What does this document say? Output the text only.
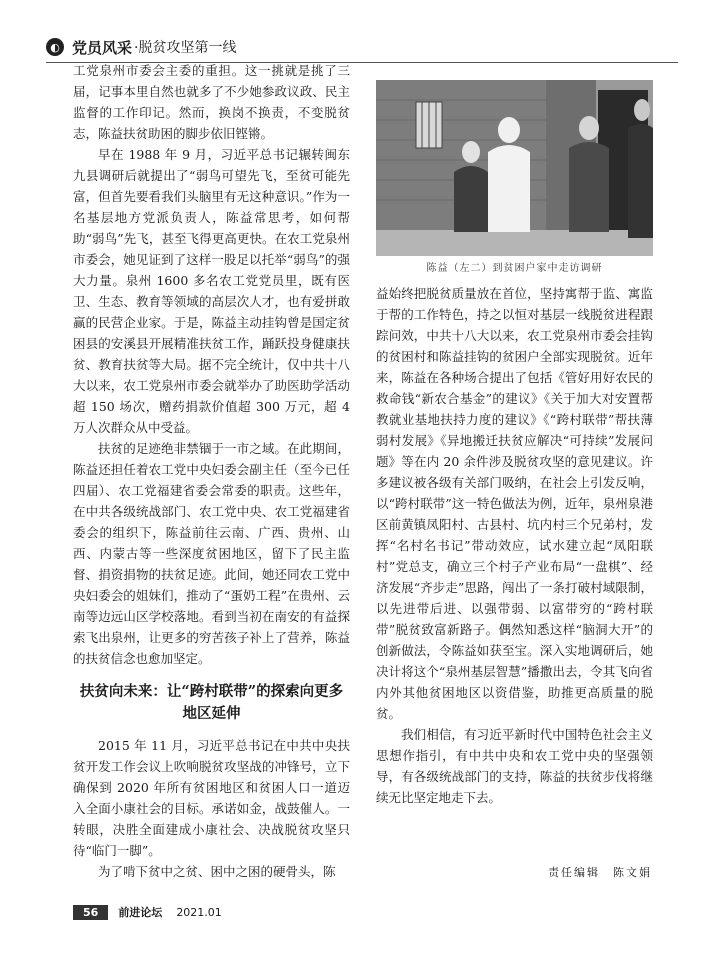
◐ 党员风采 ·脱贫攻坚第一线

工党泉州市委会主委的重担。这一挑就是挑了三届，记事本里自然也就多了不少她参政议政、民主监督的工作印记。然而，换岗不换责，不变脱贫志，陈益扶贫助困的脚步依旧铿锵。

早在 1988 年 9 月，习近平总书记辗转闽东九县调研后就提出了“弱鸟可望先飞，至贫可能先富，但首先要看我们头脑里有无这种意识。”作为一名基层地方党派负责人，陈益常思考，如何帮助“弱鸟”先飞，甚至飞得更高更快。在农工党泉州市委会，她见证到了这样一股足以托举“弱鸟”的强大力量。泉州 1600 多名农工党党员里，既有医卫、生态、教育等领域的高层次人才，也有爱拼敢赢的民营企业家。于是，陈益主动挂钩曾是国定贫困县的安溪县开展精准扶贫工作，踊跃投身健康扶贫、教育扶贫等大局。据不完全统计，仅中共十八大以来，农工党泉州市委会就举办了助医助学活动超 150 场次，赠药捐款价值超 300 万元，超 4 万人次群众从中受益。

扶贫的足迹绝非禁锢于一市之域。在此期间，陈益还担任着农工党中央妇委会副主任（至今已任四届）、农工党福建省委会常委的职责。这些年，在中共各级统战部门、农工党中央、农工党福建省委会的组织下，陈益前往云南、广西、贵州、山西、内蒙古等一些深度贫困地区，留下了民主监督、捐资捐物的扶贫足迹。此间，她还同农工党中央妇委会的姐妹们，推动了“蛋奶工程”在贵州、云南等边远山区学校落地。看到当初在南安的有益探索飞出泉州，让更多的穷苦孩子补上了营养，陈益的扶贫信念也愈加坚定。

扶贫向未来：让“跨村联带”的探索向更多地区延伸

2015 年 11 月，习近平总书记在中共中央扶贫开发工作会议上吹响脱贫攻坚战的冲锋号，立下确保到 2020 年所有贫困地区和贫困人口一道迈入全面小康社会的目标。承诺如金，战鼓催人。一转眼，决胜全面建成小康社会、决战脱贫攻坚只待“临门一脚”。

为了啃下贫中之贫、困中之困的硬骨头，陈

陈益（左二）到贫困户家中走访调研

益始终把脱贫质量放在首位，坚持寓帮于监、寓监于帮的工作特色，持之以恒对基层一线脱贫进程跟踪问效，中共十八大以来，农工党泉州市委会挂钩的贫困村和陈益挂钩的贫困户全部实现脱贫。近年来，陈益在各种场合提出了包括《管好用好农民的救命钱“新农合基金”的建议》《关于加大对安置帮教就业基地扶持力度的建议》《“跨村联带”帮扶薄弱村发展》《异地搬迁扶贫应解决“可持续”发展问题》等在内 20 余件涉及脱贫攻坚的意见建议。许多建议被各级有关部门吸纳，在社会上引发反响，以“跨村联带”这一特色做法为例，近年，泉州泉港区前黄镇凤阳村、古县村、坑内村三个兄弟村，发挥“名村名书记”带动效应，试水建立起“凤阳联村”党总支，确立三个村子产业布局“一盘棋”、经济发展“齐步走”思路，闯出了一条打破村域限制，以先进带后进、以强带弱、以富带穷的“跨村联带”脱贫致富新路子。偶然知悉这样“脑洞大开”的创新做法，令陈益如获至宝。深入实地调研后，她决计将这个“泉州基层智慧”播撒出去，令其飞向省内外其他贫困地区以资借鉴，助推更高质量的脱贫。

我们相信，有习近平新时代中国特色社会主义思想作指引，有中共中央和农工党中央的坚强领导，有各级统战部门的支持，陈益的扶贫步伐将继续无比坚定地走下去。

责任编辑　陈文娟
56	前进论坛 2021.01
